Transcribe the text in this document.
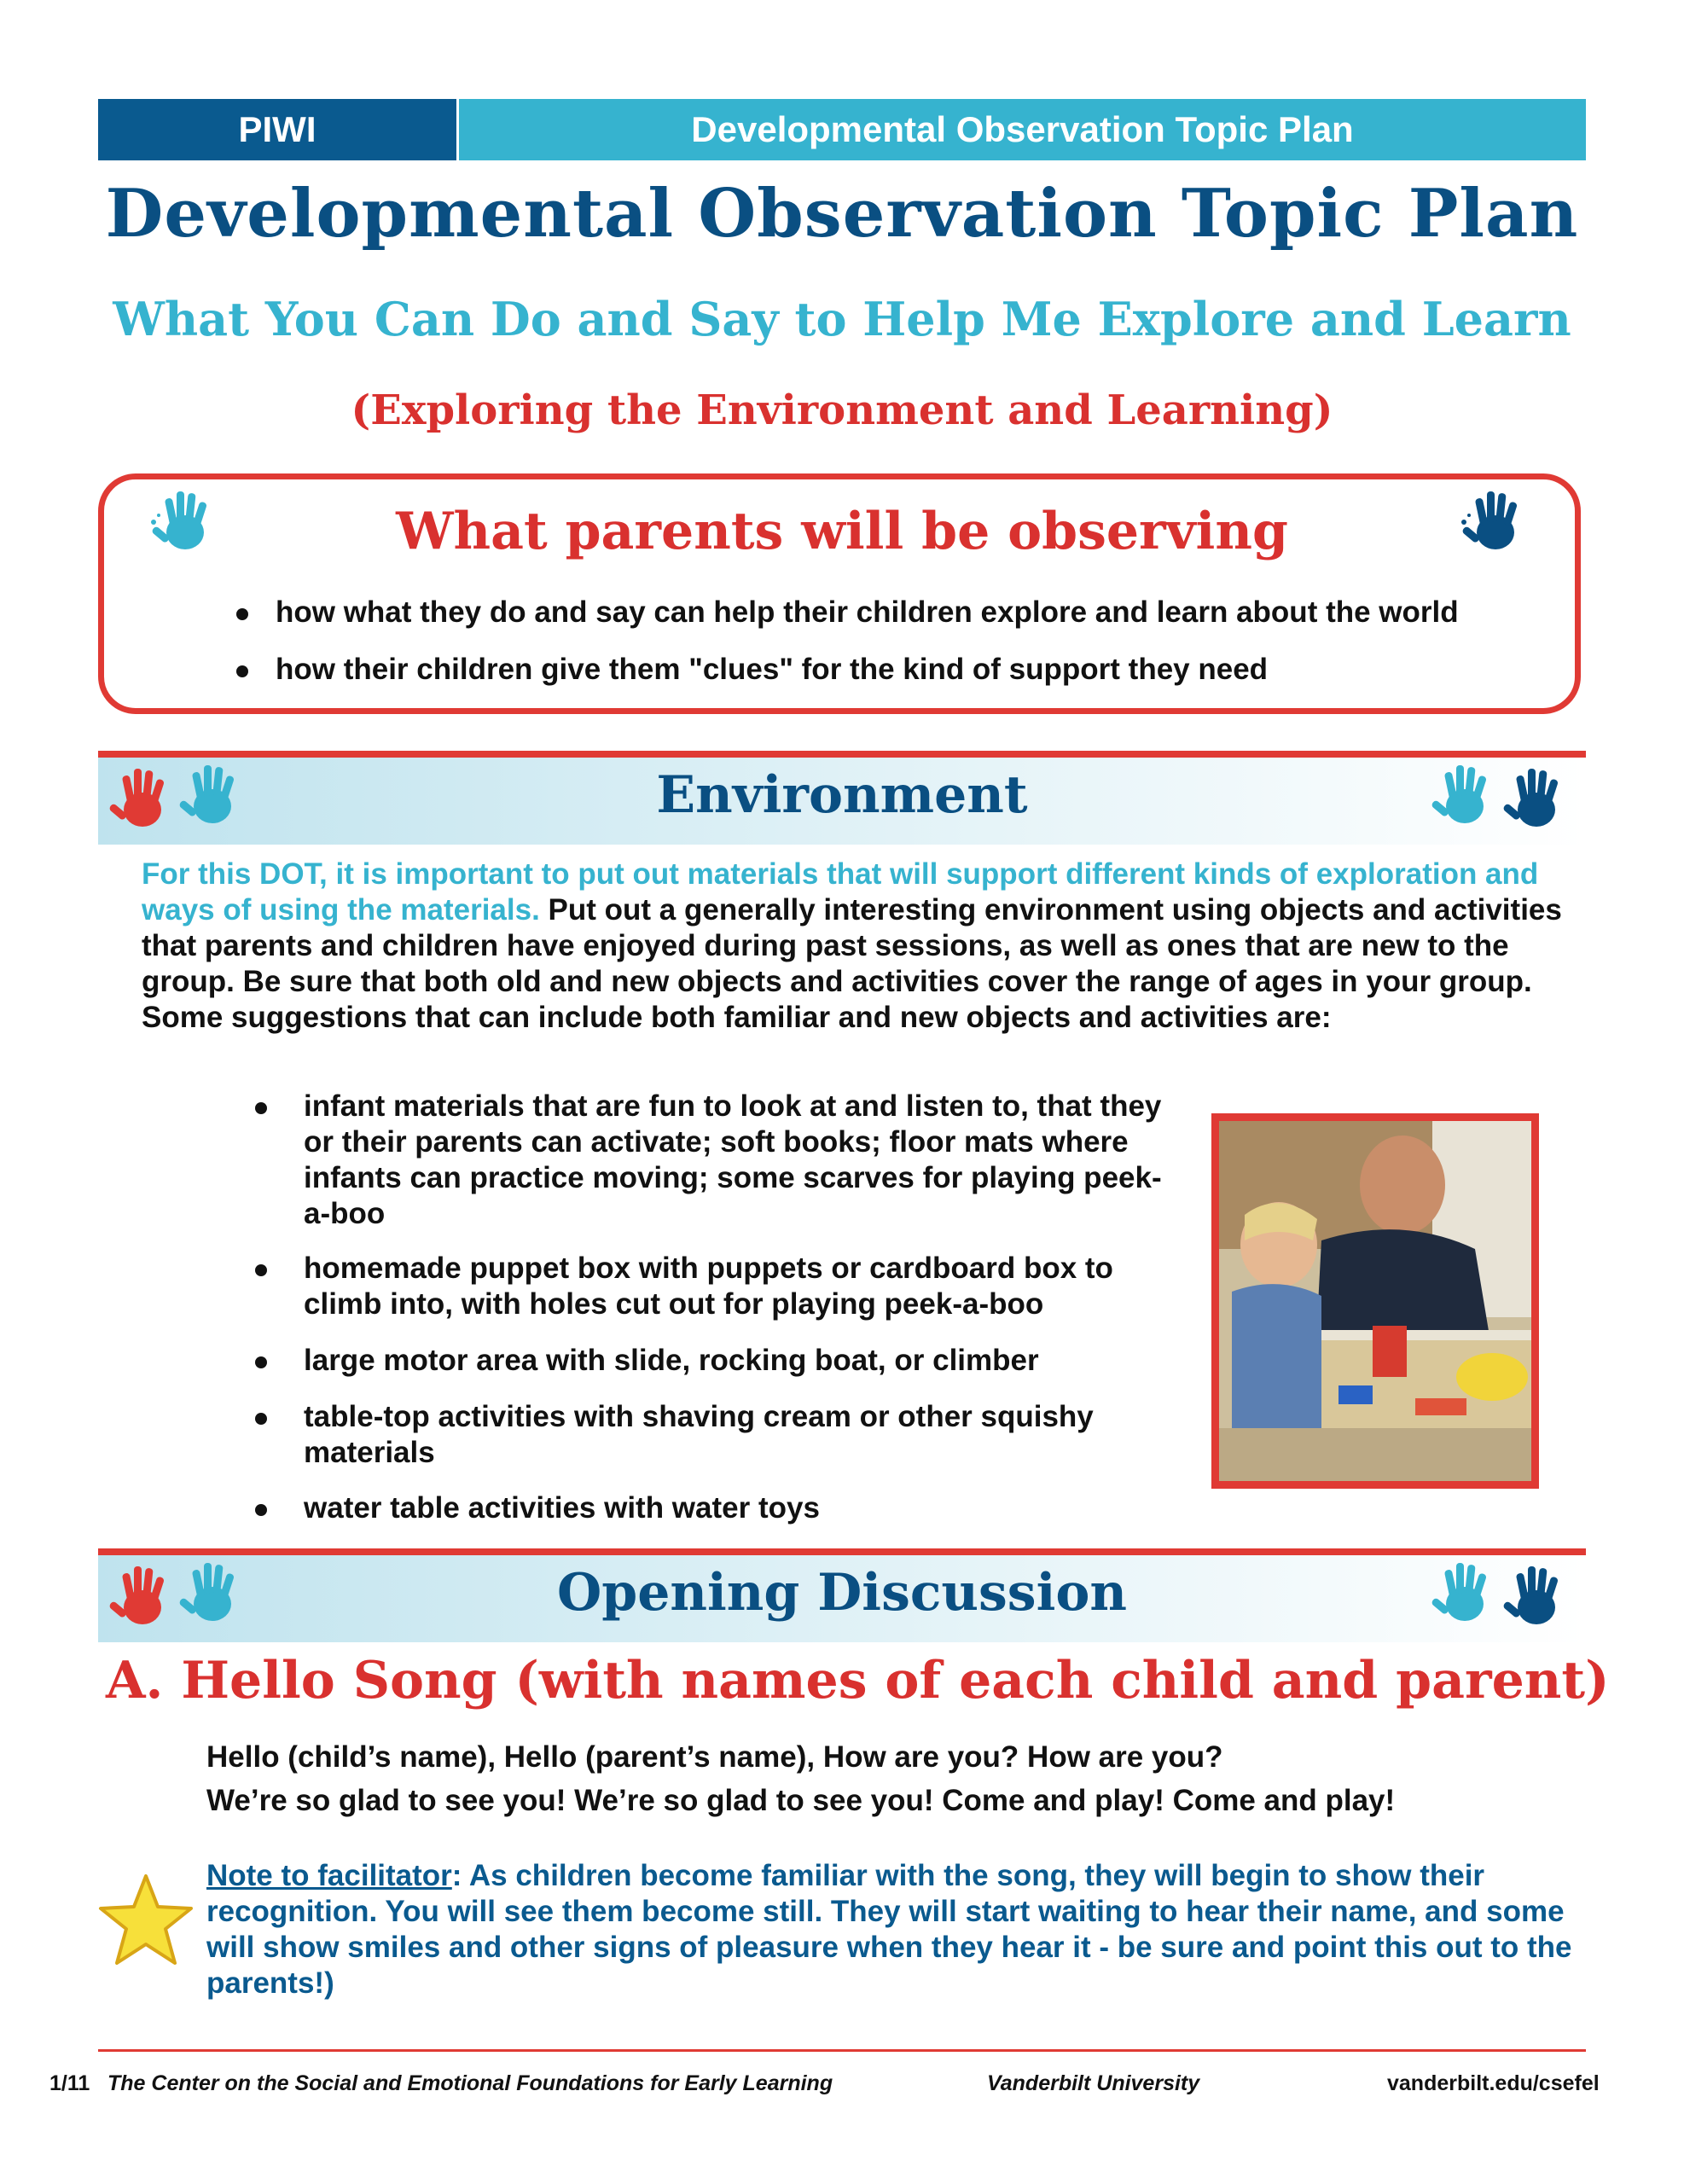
PIWI	Developmental Observation Topic Plan
Developmental Observation Topic Plan
What You Can Do and Say to Help Me Explore and Learn
(Exploring the Environment and Learning)
What parents will be observing
how what they do and say can help their children explore and learn about the world
how their children give them "clues" for the kind of support they need
Environment
For this DOT, it is important to put out materials that will support different kinds of exploration and ways of using the materials. Put out a generally interesting environment using objects and activities that parents and children have enjoyed during past sessions, as well as ones that are new to the group. Be sure that both old and new objects and activities cover the range of ages in your group. Some suggestions that can include both familiar and new objects and activities are:
infant materials that are fun to look at and listen to, that they or their parents can activate; soft books; floor mats where infants can practice moving; some scarves for playing peek-a-boo
homemade puppet box with puppets or cardboard box to climb into, with holes cut out for playing peek-a-boo
large motor area with slide, rocking boat, or climber
table-top activities with shaving cream or other squishy materials
water table activities with water toys
Opening Discussion
A. Hello Song (with names of each child and parent)
Hello (child’s name), Hello (parent’s name), How are you? How are you?
We’re so glad to see you! We’re so glad to see you! Come and play! Come and play!
Note to facilitator: As children become familiar with the song, they will begin to show their recognition. You will see them become still. They will start waiting to hear their name, and some will show smiles and other signs of pleasure when they hear it - be sure and point this out to the parents!)
1/11 The Center on the Social and Emotional Foundations for Early Learning	Vanderbilt University	vanderbilt.edu/csefel
